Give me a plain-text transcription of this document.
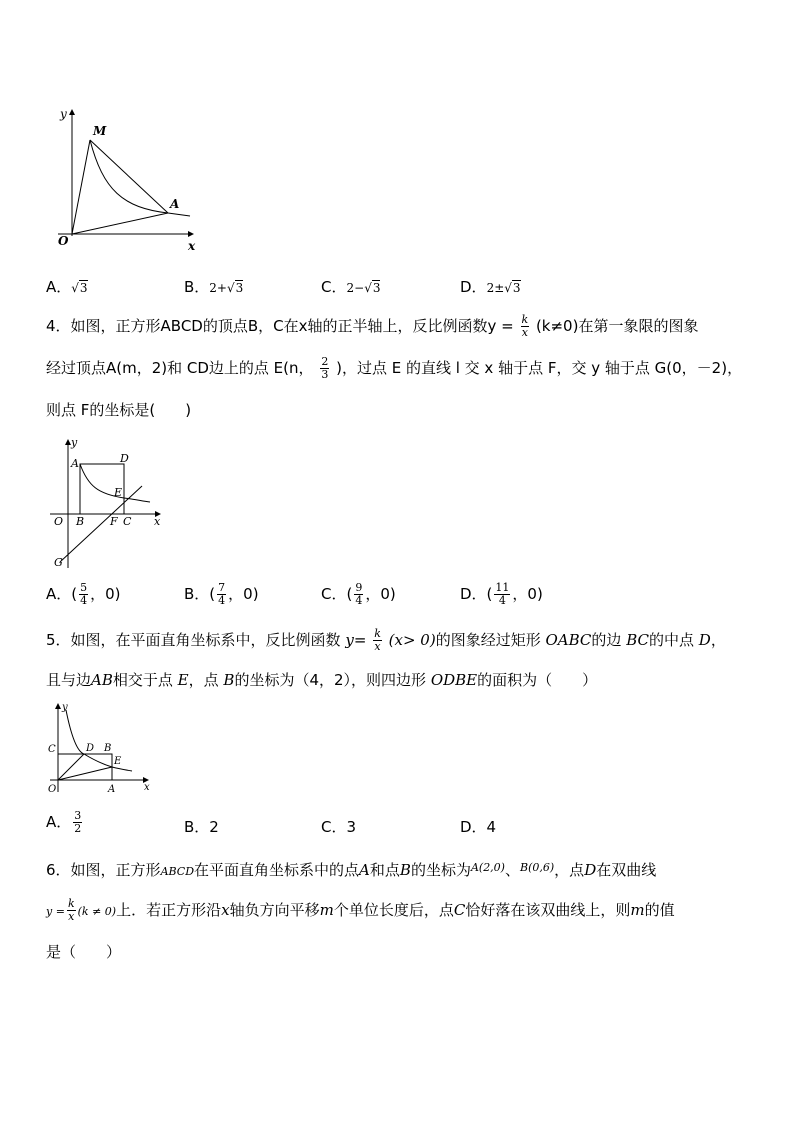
y
M
A
O	x
A．√3	B．2+√3	C．2−√3	D．2±√3
4．如图，正方形ABCD的顶点B，C在x轴的正半轴上，反比例函数$y = \frac{k}{x} (k\ne 0)$在第一象限的图象
经过顶点A(m，2)和 CD边上的点 E(n， $\frac{2}{3}$ )，过点 E 的直线 l 交 x 轴于点 F，交 y 轴于点 G(0，－2)，
则点 F的坐标是(　　)
y
A	D
E
O B F C x
G
A．( $\frac{5}{4}$ ，0)	B．( $\frac{7}{4}$ ，0)	C．( $\frac{9}{4}$ ，0)	D．( $\frac{11}{4}$ ，0)
5．如图，在平面直角坐标系中，反比例函数 $y= \frac{k}{x} (x> 0)$的图象经过矩形 OABC的边 BC的中点 D，
且与边AB相交于点 E，点 B的坐标为（4，2），则四边形 ODBE的面积为（　　）
y
C	D B
E
O	A	x
A． $\frac{3}{2}$	B．2	C．3	D．4
6．如图，正方形ABCD在平面直角坐标系中的点A和点B的坐标为$^{A(2,0)}$、$^{B(0,6)}$，点D在双曲线
$y = \frac{k}{x} (k \ne 0)$上．若正方形沿x轴负方向平移m个单位长度后，点C恰好落在该双曲线上，则m的值
是（　　）
